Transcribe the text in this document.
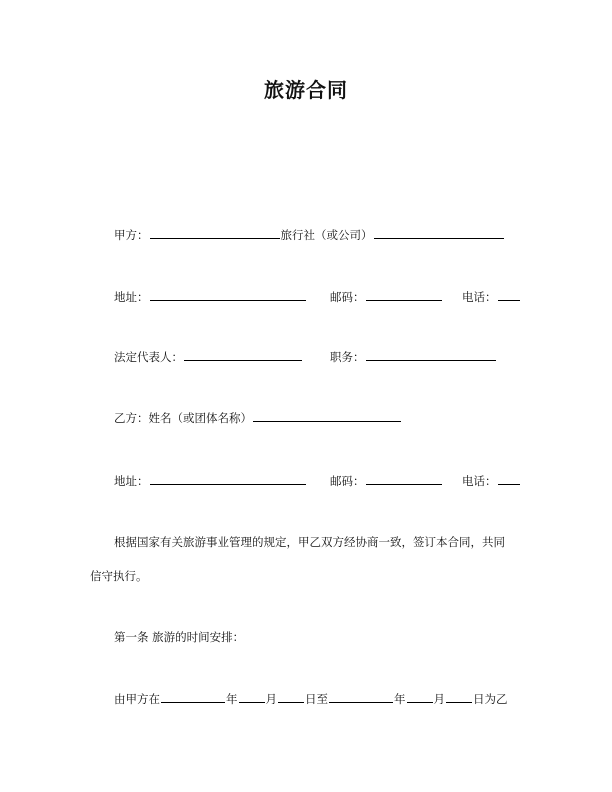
旅游合同
甲方：	旅行社（或公司）
地址：	邮码：	电话：
法定代表人：	职务：
乙方：姓名（或团体名称）
地址：	邮码：	电话：
根据国家有关旅游事业管理的规定，甲乙双方经协商一致，签订本合同，共同
信守执行。
第一条 旅游的时间安排：
由甲方在	年 月 日至	年 月 日为乙
